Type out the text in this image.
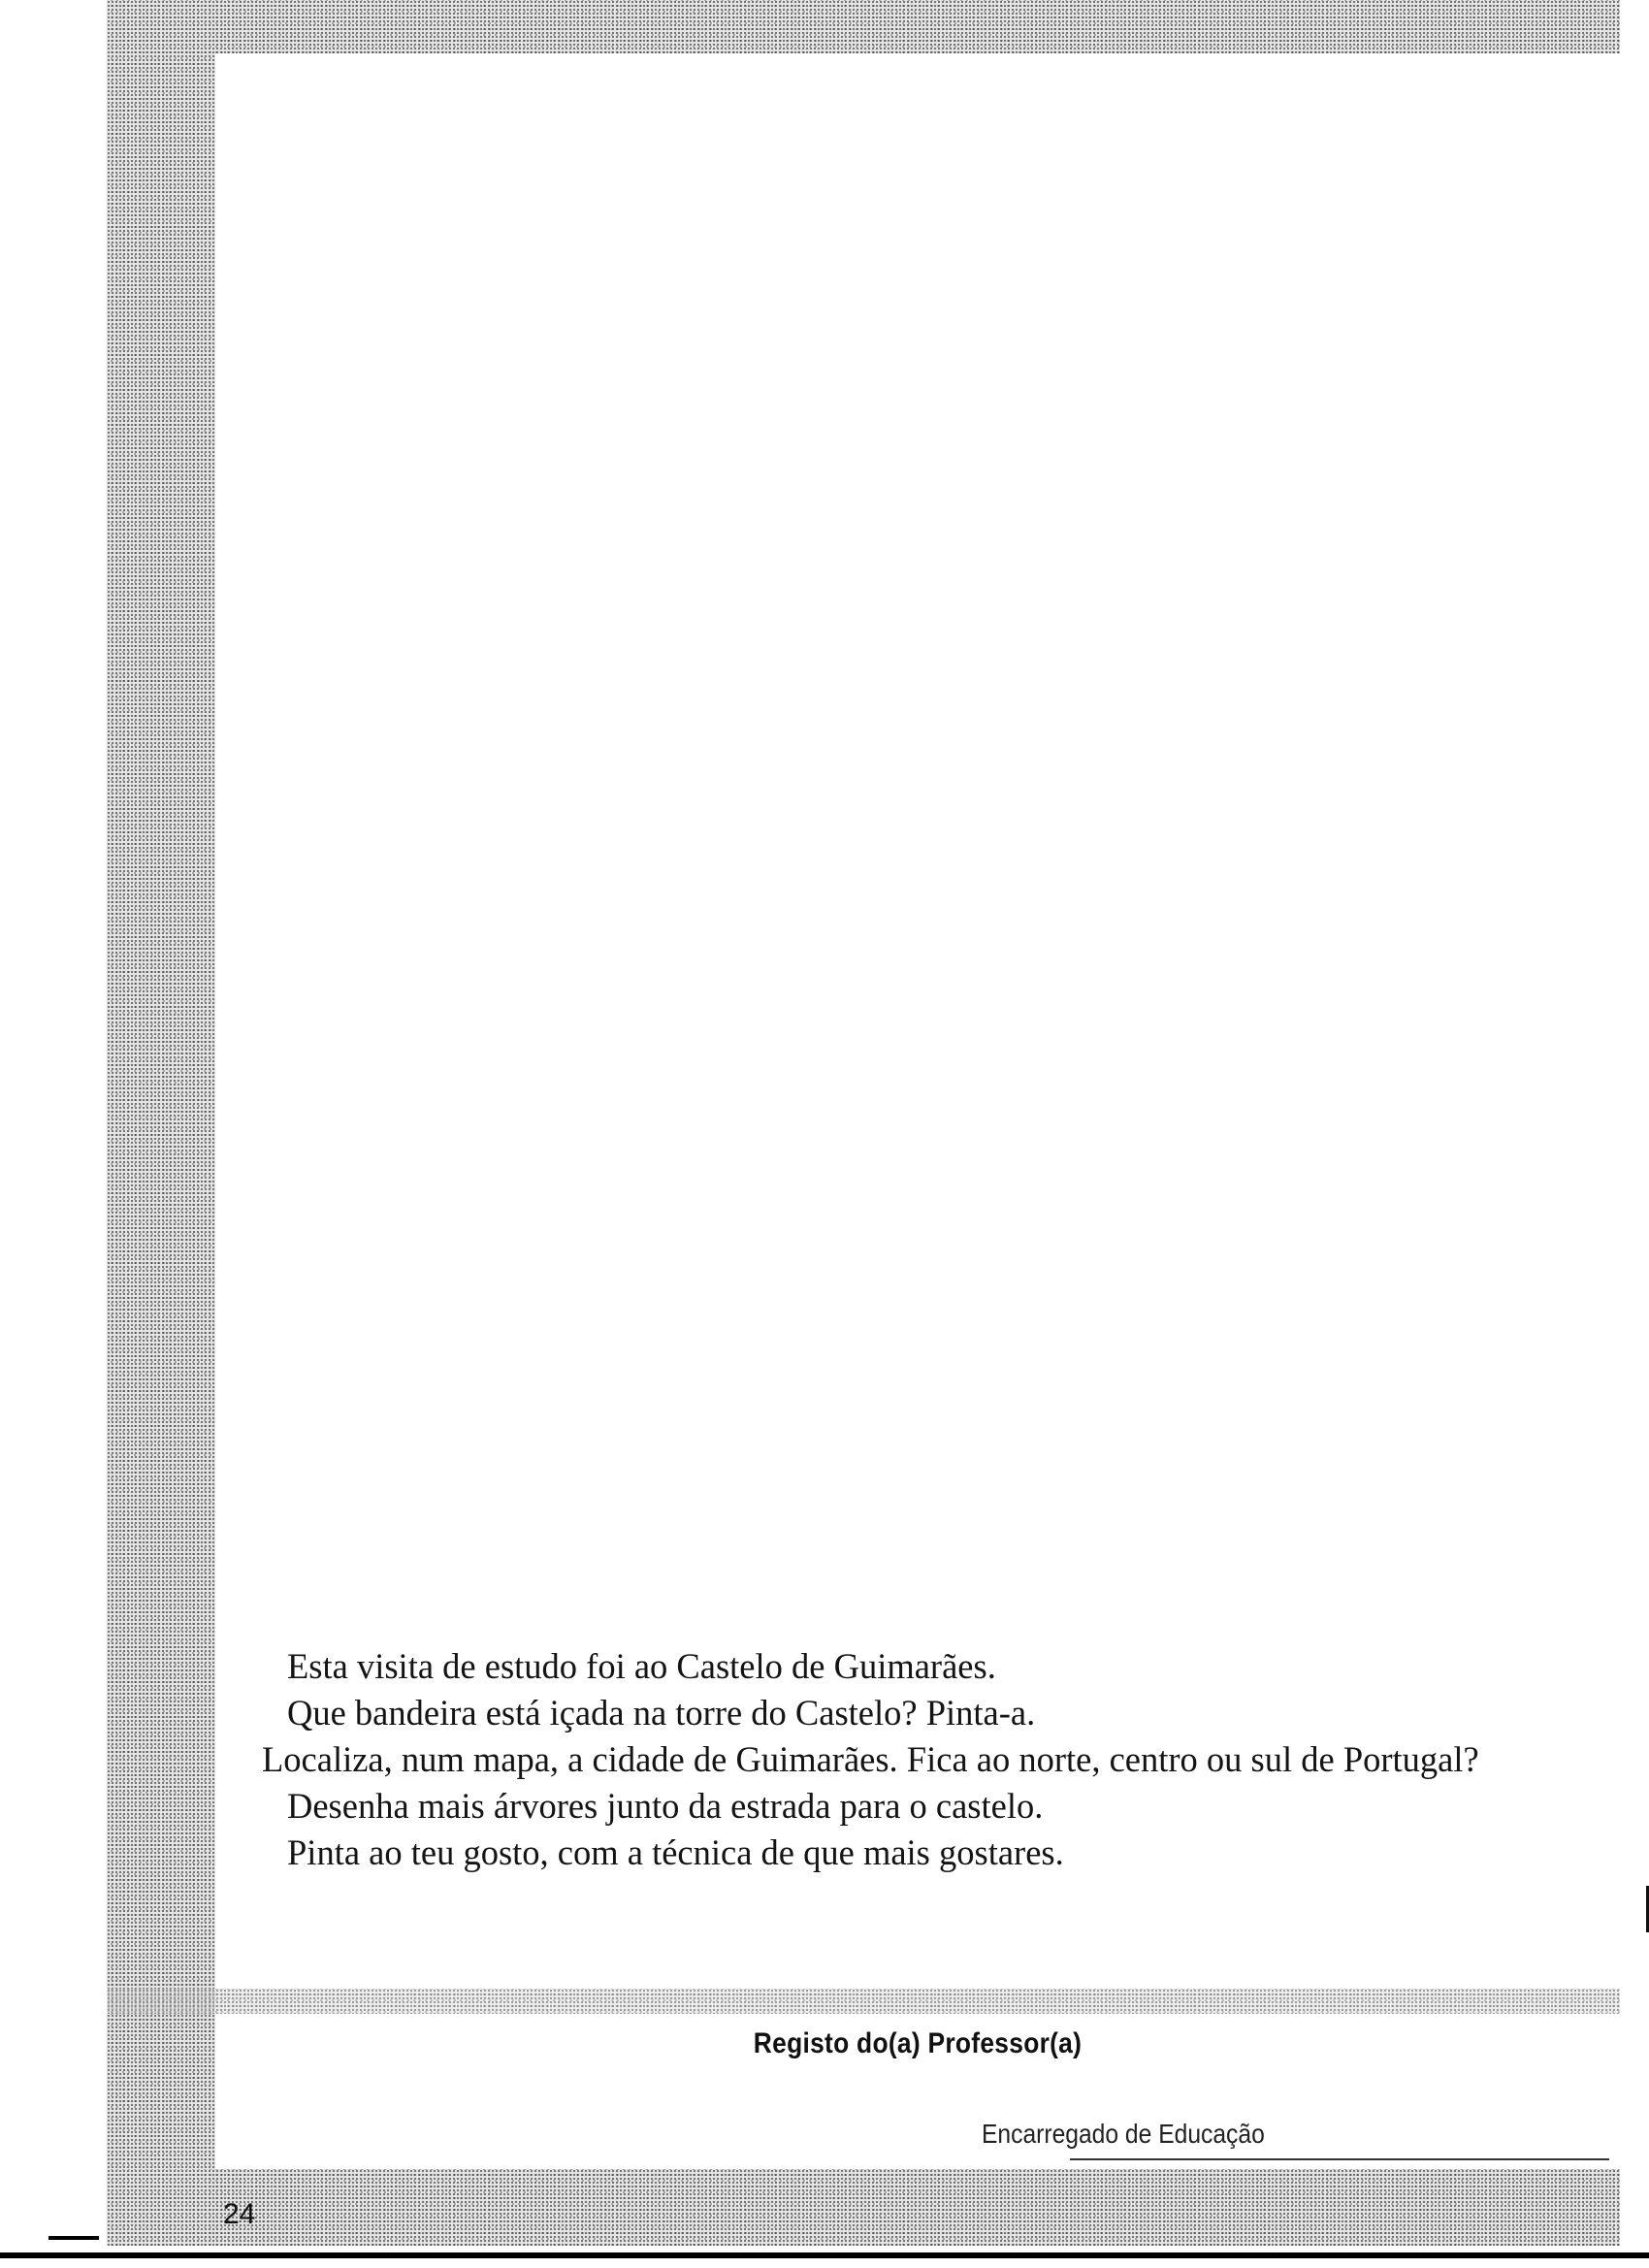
Esta visita de estudo foi ao Castelo de Guimarães.

Que bandeira está içada na torre do Castelo? Pinta-a.

Localiza, num mapa, a cidade de Guimarães. Fica ao norte, centro ou sul de Portugal?

Desenha mais árvores junto da estrada para o castelo.

Pinta ao teu gosto, com a técnica de que mais gostares.

Registo do(a) Professor(a)
Encarregado de Educação
24
